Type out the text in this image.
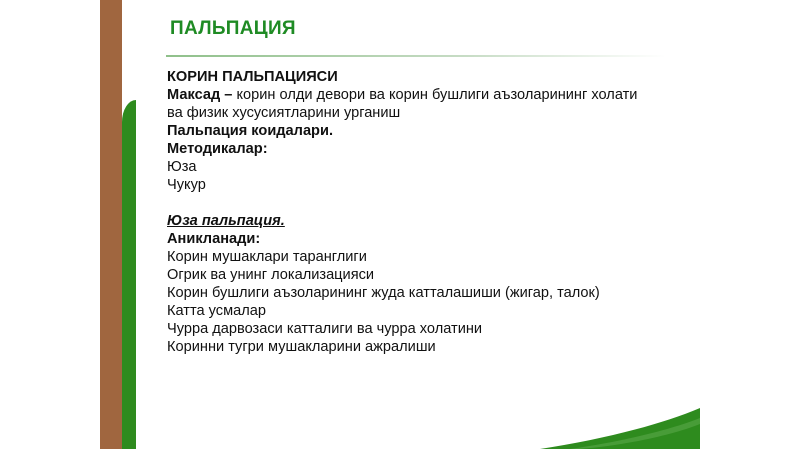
ПАЛЬПАЦИЯ

КОРИН ПАЛЬПАЦИЯСИ

Максад – корин олди девори ва корин бушлиги аъзоларининг холати

ва физик хусусиятларини урганиш

Пальпация коидалари.

Методикалар:

Юза

Чукур

Юза пальпация.

Аникланади:

Корин мушаклари таранглиги

Огрик ва унинг локализацияси

Корин бушлиги аъзоларининг жуда катталашиши (жигар, талок)

Катта усмалар

Чурра дарвозаси катталиги ва чурра холатини

Коринни тугри мушакларини ажралиши
